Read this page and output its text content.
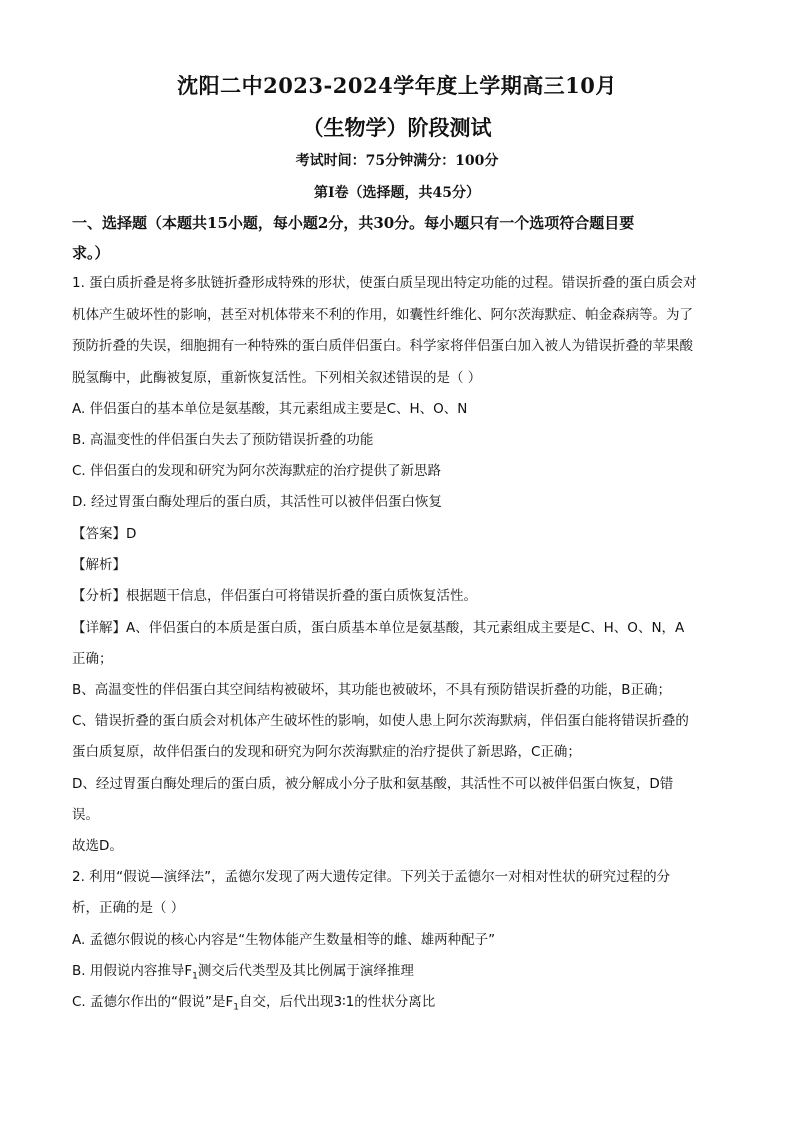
沈阳二中2023-2024学年度上学期高三10月
（生物学）阶段测试
考试时间：75分钟满分：100分
第Ⅰ卷（选择题，共45分）
一、选择题（本题共15小题，每小题2分，共30分。每小题只有一个选项符合题目要
求。）
1. 蛋白质折叠是将多肽链折叠形成特殊的形状，使蛋白质呈现出特定功能的过程。错误折叠的蛋白质会对
机体产生破坏性的影响，甚至对机体带来不利的作用，如囊性纤维化、阿尔茨海默症、帕金森病等。为了
预防折叠的失误，细胞拥有一种特殊的蛋白质伴侣蛋白。科学家将伴侣蛋白加入被人为错误折叠的苹果酸
脱氢酶中，此酶被复原，重新恢复活性。下列相关叙述错误的是（ ）
A. 伴侣蛋白的基本单位是氨基酸，其元素组成主要是C、H、O、N
B. 高温变性的伴侣蛋白失去了预防错误折叠的功能
C. 伴侣蛋白的发现和研究为阿尔茨海默症的治疗提供了新思路
D. 经过胃蛋白酶处理后的蛋白质，其活性可以被伴侣蛋白恢复
【答案】D
【解析】
【分析】根据题干信息，伴侣蛋白可将错误折叠的蛋白质恢复活性。
【详解】A、伴侣蛋白的本质是蛋白质，蛋白质基本单位是氨基酸，其元素组成主要是C、H、O、N，A
正确；
B、高温变性的伴侣蛋白其空间结构被破坏，其功能也被破坏，不具有预防错误折叠的功能，B正确；
C、错误折叠的蛋白质会对机体产生破坏性的影响，如使人患上阿尔茨海默病，伴侣蛋白能将错误折叠的
蛋白质复原，故伴侣蛋白的发现和研究为阿尔茨海默症的治疗提供了新思路，C正确；
D、经过胃蛋白酶处理后的蛋白质，被分解成小分子肽和氨基酸，其活性不可以被伴侣蛋白恢复，D错
误。
故选D。
2. 利用“假说—演绎法”，孟德尔发现了两大遗传定律。下列关于孟德尔一对相对性状的研究过程的分
析，正确的是（ ）
A. 孟德尔假说的核心内容是“生物体能产生数量相等的雌、雄两种配子”
B. 用假说内容推导$F_1$测交后代类型及其比例属于演绎推理
C. 孟德尔作出的“假说”是$F_1$自交，后代出现3∶1的性状分离比
